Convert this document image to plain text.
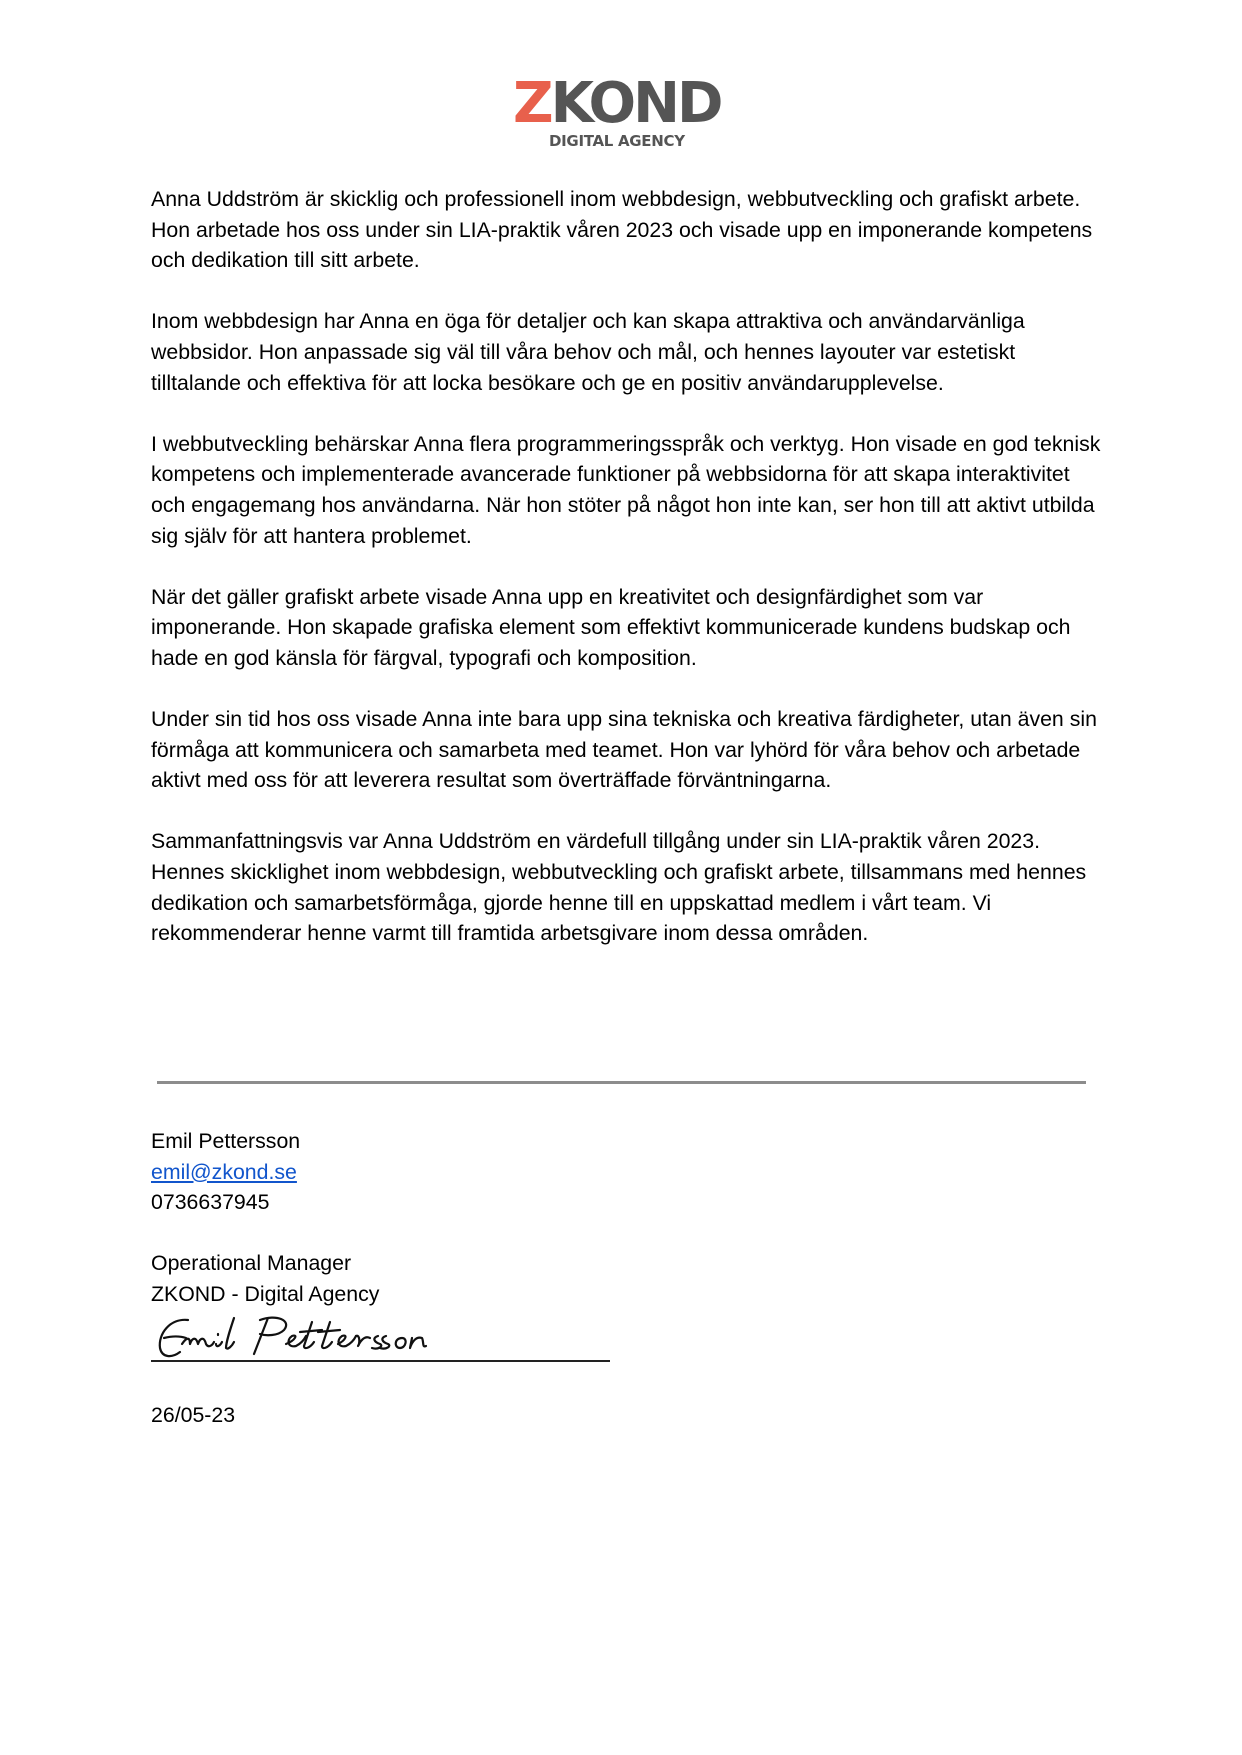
ZKOND
DIGITAL AGENCY

Anna Uddström är skicklig och professionell inom webbdesign, webbutveckling och grafiskt arbete. Hon arbetade hos oss under sin LIA-praktik våren 2023 och visade upp en imponerande kompetens och dedikation till sitt arbete.

Inom webbdesign har Anna en öga för detaljer och kan skapa attraktiva och användarvänliga webbsidor. Hon anpassade sig väl till våra behov och mål, och hennes layouter var estetiskt tilltalande och effektiva för att locka besökare och ge en positiv användarupplevelse.

I webbutveckling behärskar Anna flera programmeringsspråk och verktyg. Hon visade en god teknisk kompetens och implementerade avancerade funktioner på webbsidorna för att skapa interaktivitet och engagemang hos användarna. När hon stöter på något hon inte kan, ser hon till att aktivt utbilda sig själv för att hantera problemet.

När det gäller grafiskt arbete visade Anna upp en kreativitet och designfärdighet som var imponerande. Hon skapade grafiska element som effektivt kommunicerade kundens budskap och hade en god känsla för färgval, typografi och komposition.

Under sin tid hos oss visade Anna inte bara upp sina tekniska och kreativa färdigheter, utan även sin förmåga att kommunicera och samarbeta med teamet. Hon var lyhörd för våra behov och arbetade aktivt med oss för att leverera resultat som överträffade förväntningarna.

Sammanfattningsvis var Anna Uddström en värdefull tillgång under sin LIA-praktik våren 2023. Hennes skicklighet inom webbdesign, webbutveckling och grafiskt arbete, tillsammans med hennes dedikation och samarbetsförmåga, gjorde henne till en uppskattad medlem i vårt team. Vi rekommenderar henne varmt till framtida arbetsgivare inom dessa områden.

Emil Pettersson
emil@zkond.se
0736637945
Operational Manager
ZKOND - Digital Agency
26/05-23
